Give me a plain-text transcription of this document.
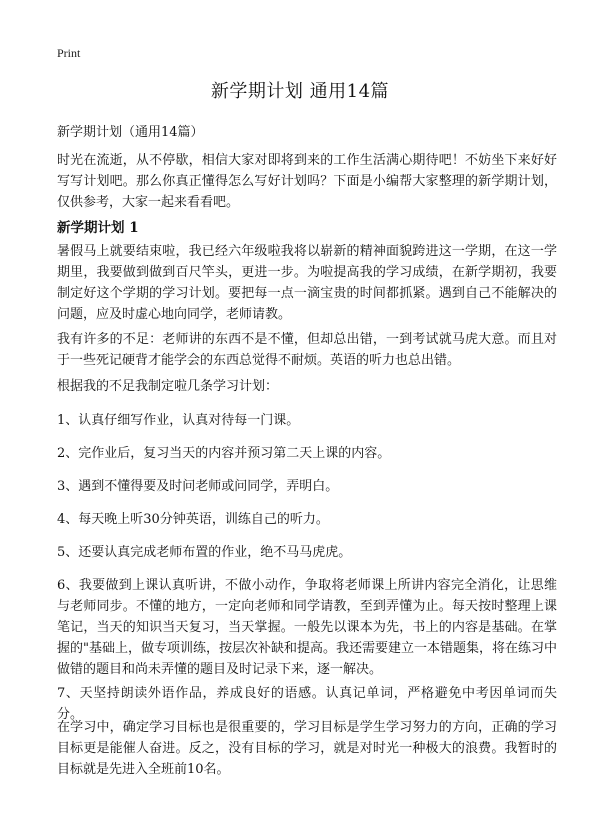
Print
新学期计划 通用14篇
新学期计划（通用14篇）
时光在流逝，从不停歇，相信大家对即将到来的工作生活满心期待吧！不妨坐下来好好写写计划吧。那么你真正懂得怎么写好计划吗？下面是小编帮大家整理的新学期计划，仅供参考，大家一起来看看吧。
新学期计划 1
暑假马上就要结束啦，我已经六年级啦我将以崭新的精神面貌跨进这一学期，在这一学期里，我要做到做到百尺竿头，更进一步。为啦提高我的学习成绩，在新学期初，我要制定好这个学期的学习计划。要把每一点一滴宝贵的时间都抓紧。遇到自己不能解决的问题，应及时虚心地向同学，老师请教。
我有许多的不足：老师讲的东西不是不懂，但却总出错，一到考试就马虎大意。而且对于一些死记硬背才能学会的东西总觉得不耐烦。英语的听力也总出错。
根据我的不足我制定啦几条学习计划：
1、认真仔细写作业，认真对待每一门课。
2、完作业后，复习当天的内容并预习第二天上课的内容。
3、遇到不懂得要及时问老师或问同学，弄明白。
4、每天晚上听30分钟英语，训练自己的听力。
5、还要认真完成老师布置的作业，绝不马马虎虎。
6、我要做到上课认真听讲，不做小动作，争取将老师课上所讲内容完全消化，让思维与老师同步。不懂的地方，一定向老师和同学请教，至到弄懂为止。每天按时整理上课笔记，当天的知识当天复习，当天掌握。一般先以课本为先，书上的内容是基础。在掌握的"基础上，做专项训练，按层次补缺和提高。我还需要建立一本错题集，将在练习中做错的题目和尚未弄懂的题目及时记录下来，逐一解决。
7、天坚持朗读外语作品，养成良好的语感。认真记单词，严格避免中考因单词而失分。
在学习中，确定学习目标也是很重要的，学习目标是学生学习努力的方向，正确的学习目标更是能催人奋进。反之，没有目标的学习，就是对时光一种极大的浪费。我暂时的目标就是先进入全班前10名。
